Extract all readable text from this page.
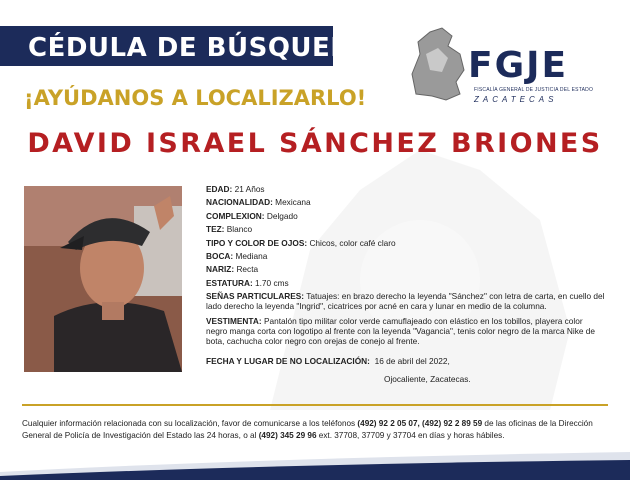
CÉDULA DE BÚSQUEDA
¡AYÚDANOS A LOCALIZARLO!
FGJE
FISCALÍA GENERAL DE JUSTICIA DEL ESTADO
ZACATECAS
DAVID ISRAEL SÁNCHEZ BRIONES
EDAD: 21 Años
NACIONALIDAD: Mexicana
COMPLEXION: Delgado
TEZ: Blanco
TIPO Y COLOR DE OJOS: Chicos, color café claro
BOCA: Mediana
NARIZ: Recta
ESTATURA: 1.70 cms
SEÑAS PARTICULARES: Tatuajes: en brazo derecho la leyenda "Sánchez" con letra de carta, en cuello del lado derecho la leyenda "Ingrid", cicatrices por acné en cara y lunar en medio de la columna.
VESTIMENTA: Pantalón tipo militar color verde camuflajeado con elástico en los tobillos, playera color negro manga corta con logotipo al frente con la leyenda "Vagancia", tenis color negro de la marca Nike de bota, cachucha color negro con orejas de conejo al frente.
FECHA Y LUGAR DE NO LOCALIZACIÓN: 16 de abril del 2022,
Ojocaliente, Zacatecas.
Cualquier información relacionada con su localización, favor de comunicarse a los teléfonos (492) 92 2 05 07, (492) 92 2 89 59 de las oficinas de la Dirección General de Policía de Investigación del Estado las 24 horas, o al (492) 345 29 96 ext. 37708, 37709 y 37704 en días y horas hábiles.
